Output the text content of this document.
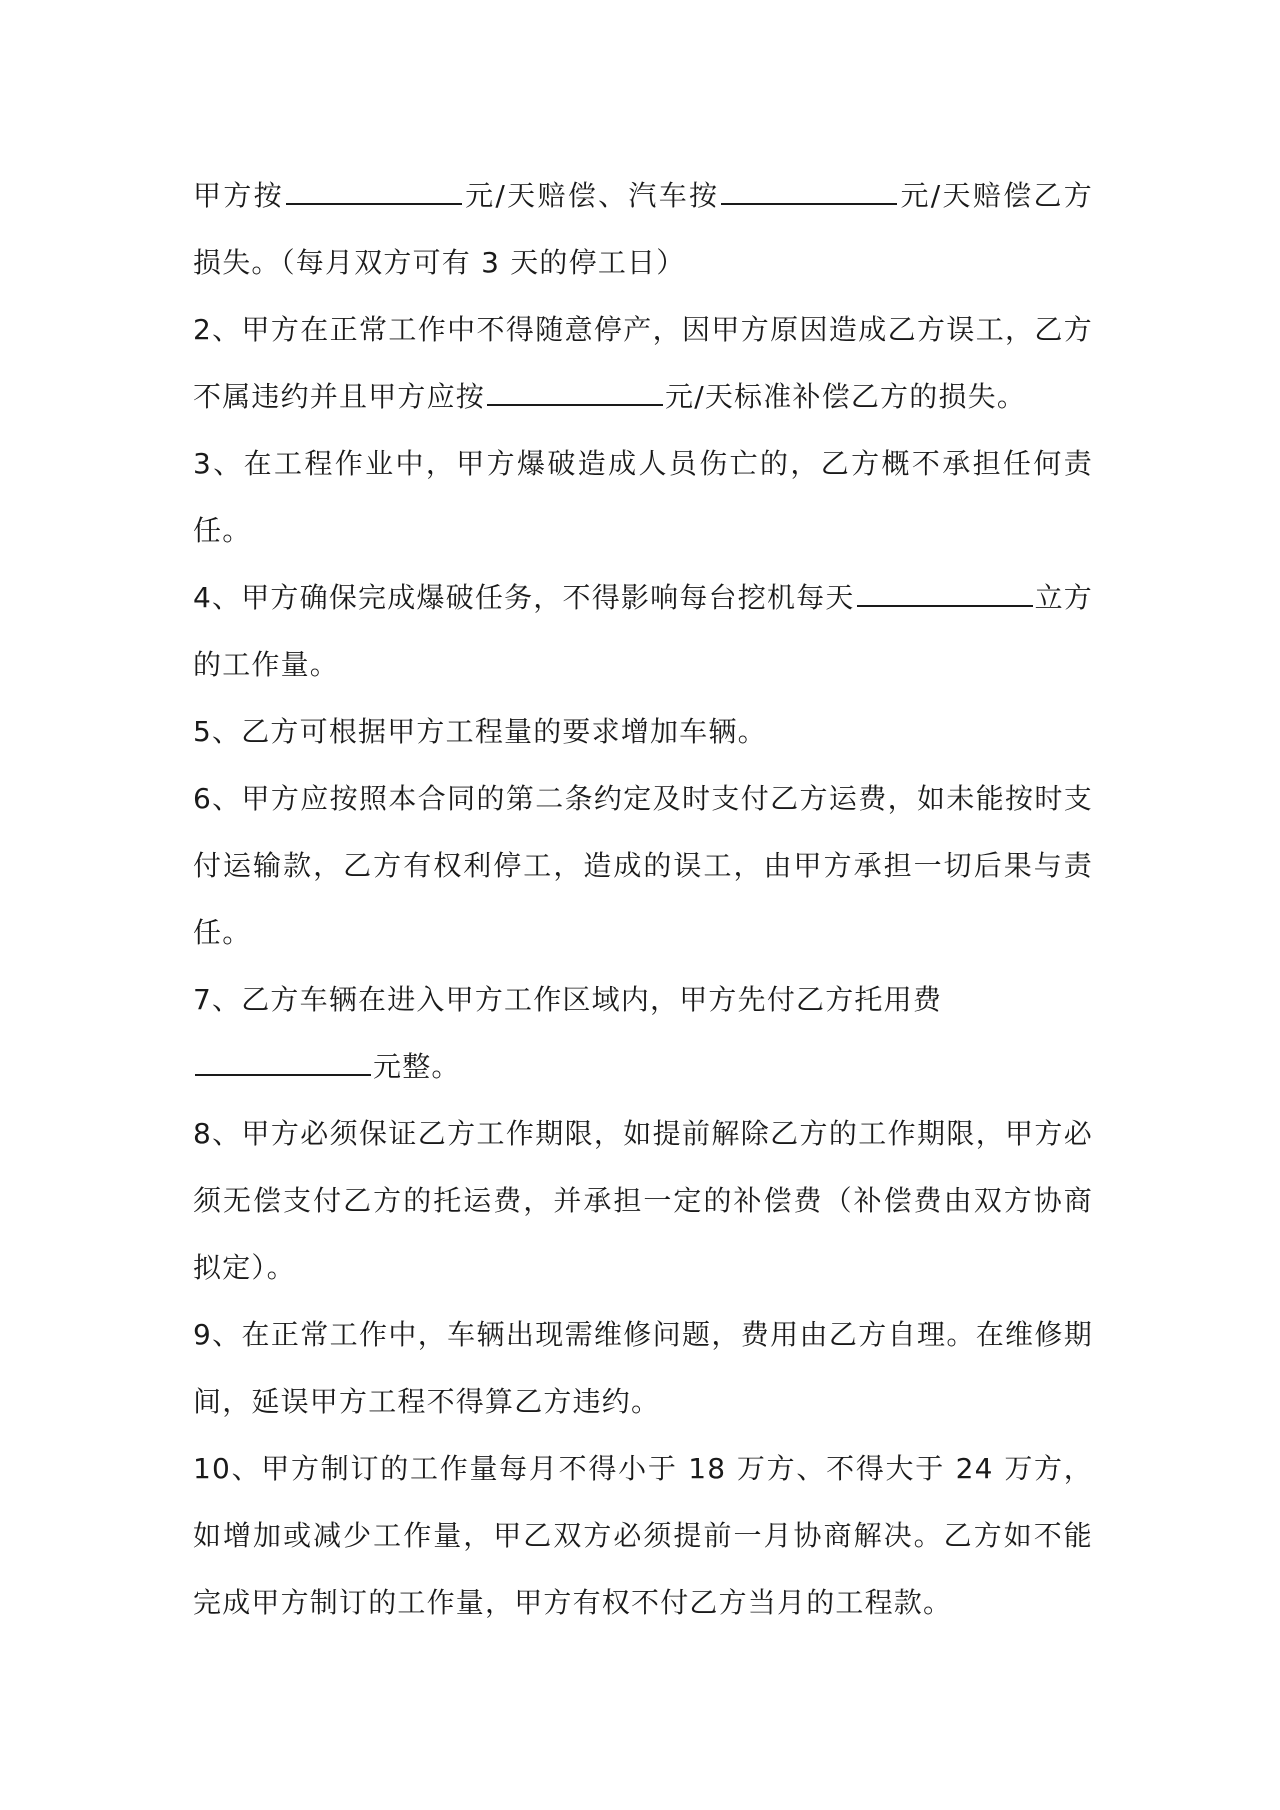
甲方按	元/天赔偿、汽车按	元/天赔偿乙方损失。（每月双方可有 3 天的停工日）

2、甲方在正常工作中不得随意停产，因甲方原因造成乙方误工，乙方不属违约并且甲方应按	元/天标准补偿乙方的损失。

3、在工程作业中，甲方爆破造成人员伤亡的，乙方概不承担任何责任。

4、甲方确保完成爆破任务，不得影响每台挖机每天	立方的工作量。

5、乙方可根据甲方工程量的要求增加车辆。

6、甲方应按照本合同的第二条约定及时支付乙方运费，如未能按时支付运输款，乙方有权利停工，造成的误工，由甲方承担一切后果与责任。

7、乙方车辆在进入甲方工作区域内，甲方先付乙方托用费
元整。

8、甲方必须保证乙方工作期限，如提前解除乙方的工作期限，甲方必须无偿支付乙方的托运费，并承担一定的补偿费（补偿费由双方协商拟定）。

9、在正常工作中，车辆出现需维修问题，费用由乙方自理。在维修期间，延误甲方工程不得算乙方违约。

10、甲方制订的工作量每月不得小于 18 万方、不得大于 24 万方，如增加或减少工作量，甲乙双方必须提前一月协商解决。乙方如不能完成甲方制订的工作量，甲方有权不付乙方当月的工程款。
